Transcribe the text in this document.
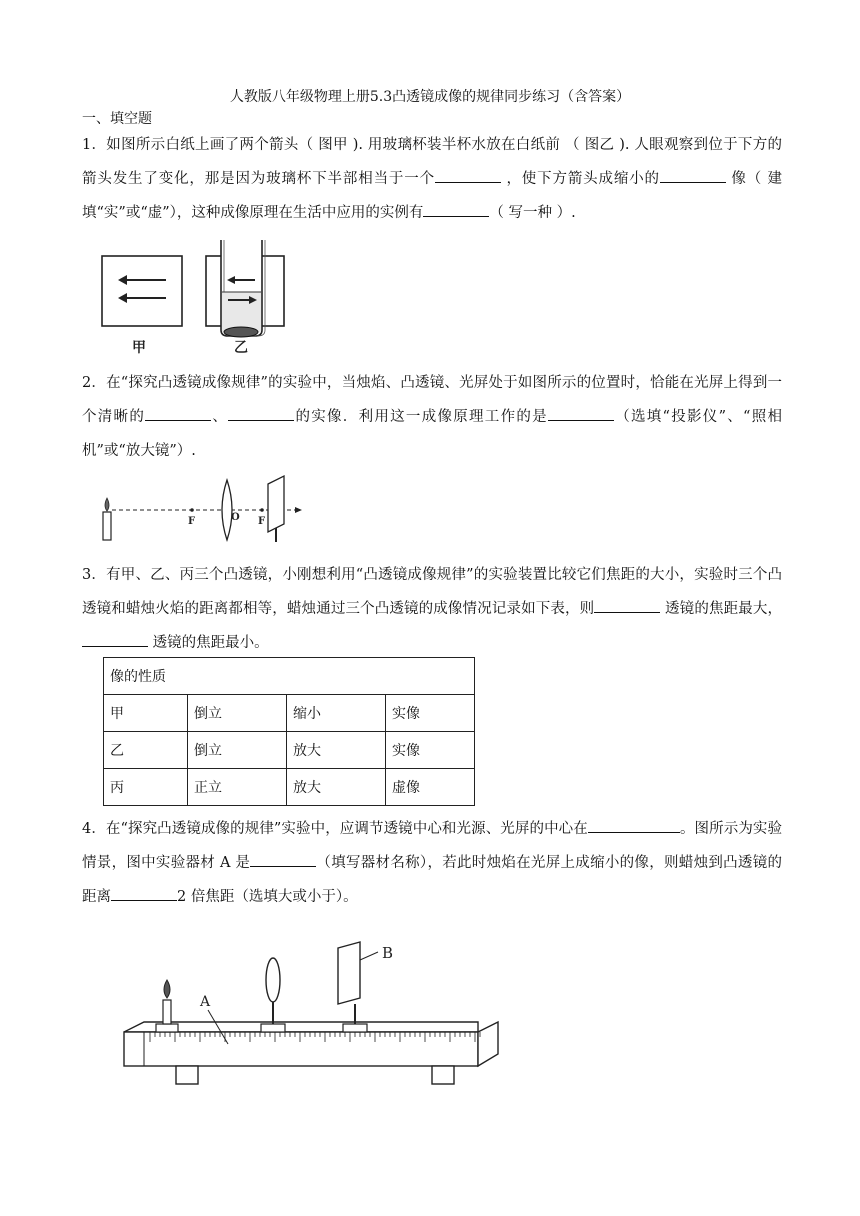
人教版八年级物理上册5.3凸透镜成像的规律同步练习（含答案）
一、填空题
1．如图所示白纸上画了两个箭头（ 图甲 ). 用玻璃杯装半杯水放在白纸前 （ 图乙 ). 人眼观察到位于下方的箭头发生了变化，那是因为玻璃杯下半部相当于一个	，使下方箭头成缩小的	像（ 建填“实”或“虚”），这种成像原理在生活中应用的实例有	（ 写一种 ）.
甲	乙
2．在“探究凸透镜成像规律”的实验中，当烛焰、凸透镜、光屏处于如图所示的位置时，恰能在光屏上得到一个清晰的	、	的实像．利用这一成像原理工作的是	（选填“投影仪”、“照相机”或“放大镜”）.
F	O F
3．有甲、乙、丙三个凸透镜，小刚想利用“凸透镜成像规律”的实验装置比较它们焦距的大小，实验时三个凸透镜和蜡烛火焰的距离都相等，蜡烛通过三个凸透镜的成像情况记录如下表，则	透镜的焦距最大， 透镜的焦距最小。
像的性质			
甲	倒立	缩小	实像
乙	倒立	放大	实像
丙	正立	放大	虚像
4．在“探究凸透镜成像的规律”实验中，应调节透镜中心和光源、光屏的中心在	。图所示为实验情景，图中实验器材 A 是	（填写器材名称），若此时烛焰在光屏上成缩小的像，则蜡烛到凸透镜的距离	2 倍焦距（选填大或小于）。
A
B
